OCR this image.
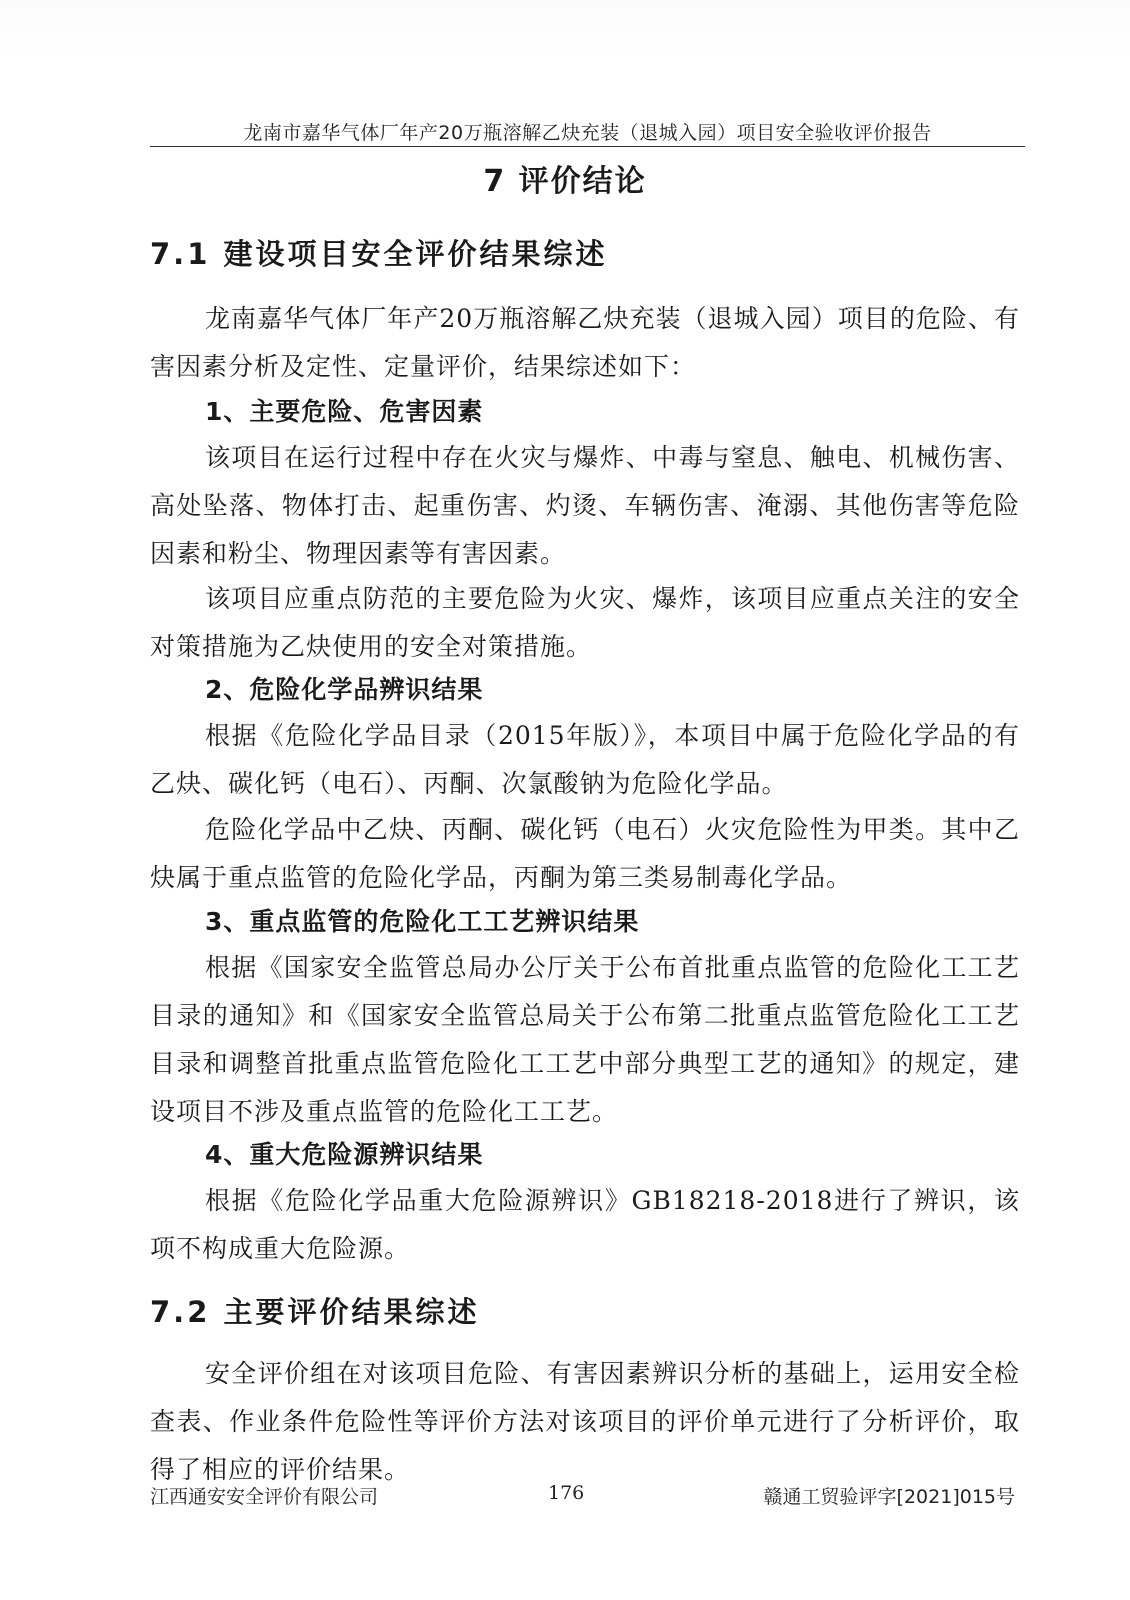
龙南市嘉华气体厂年产20万瓶溶解乙炔充装（退城入园）项目安全验收评价报告
7 评价结论
7.1 建设项目安全评价结果综述
龙南嘉华气体厂年产20万瓶溶解乙炔充装（退城入园）项目的危险、有害因素分析及定性、定量评价，结果综述如下：
1、主要危险、危害因素
该项目在运行过程中存在火灾与爆炸、中毒与窒息、触电、机械伤害、高处坠落、物体打击、起重伤害、灼烫、车辆伤害、淹溺、其他伤害等危险因素和粉尘、物理因素等有害因素。
该项目应重点防范的主要危险为火灾、爆炸，该项目应重点关注的安全对策措施为乙炔使用的安全对策措施。
2、危险化学品辨识结果
根据《危险化学品目录（2015年版）》，本项目中属于危险化学品的有乙炔、碳化钙（电石）、丙酮、次氯酸钠为危险化学品。
危险化学品中乙炔、丙酮、碳化钙（电石）火灾危险性为甲类。其中乙炔属于重点监管的危险化学品，丙酮为第三类易制毒化学品。
3、重点监管的危险化工工艺辨识结果
根据《国家安全监管总局办公厅关于公布首批重点监管的危险化工工艺目录的通知》和《国家安全监管总局关于公布第二批重点监管危险化工工艺目录和调整首批重点监管危险化工工艺中部分典型工艺的通知》的规定，建设项目不涉及重点监管的危险化工工艺。
4、重大危险源辨识结果
根据《危险化学品重大危险源辨识》GB18218-2018进行了辨识，该项不构成重大危险源。
7.2 主要评价结果综述
安全评价组在对该项目危险、有害因素辨识分析的基础上，运用安全检查表、作业条件危险性等评价方法对该项目的评价单元进行了分析评价，取得了相应的评价结果。
江西通安安全评价有限公司	176	赣通工贸验评字[2021]015号
